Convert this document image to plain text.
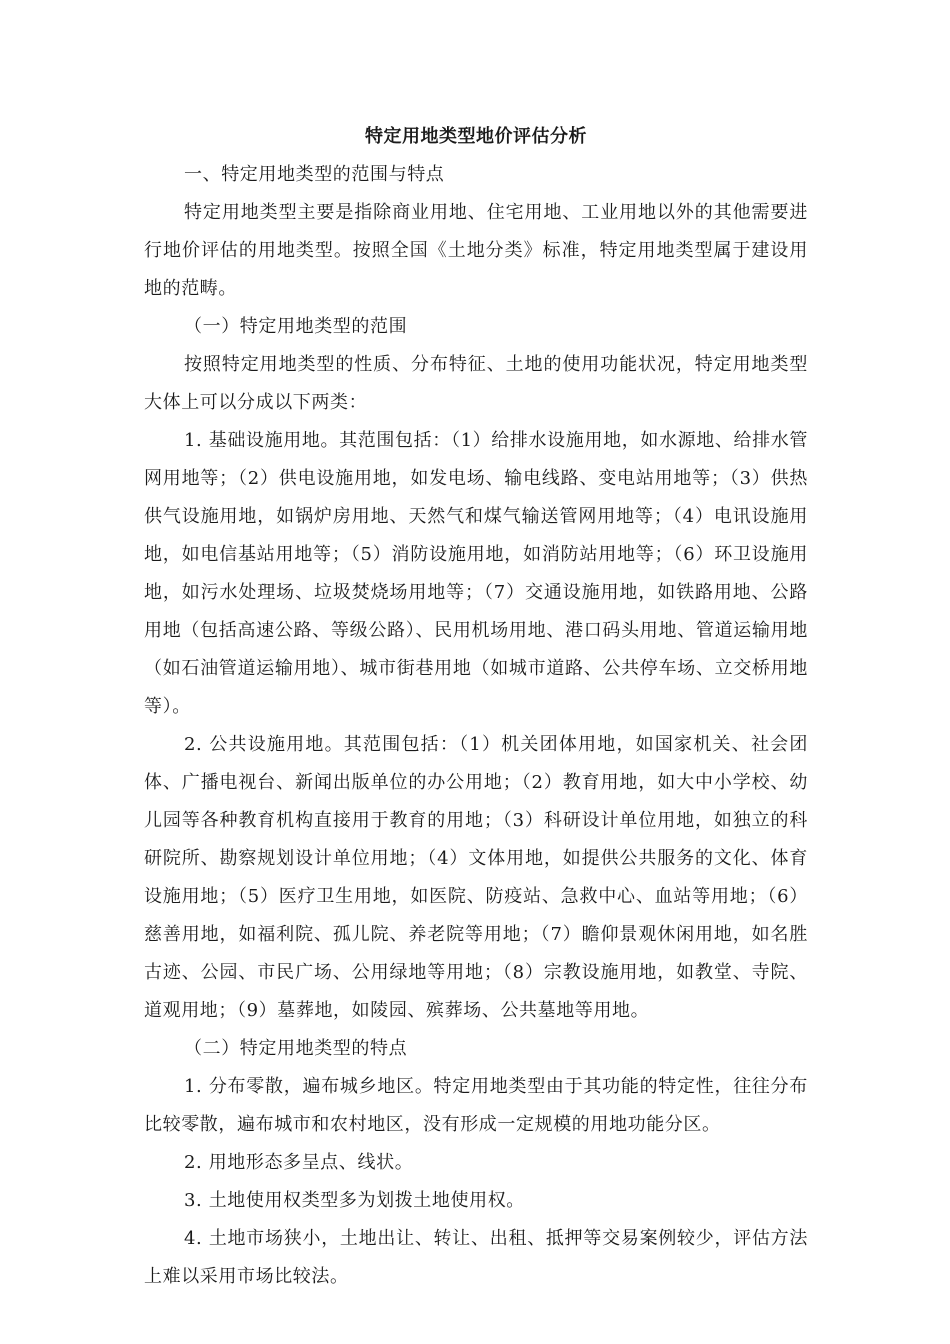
特定用地类型地价评估分析

一、特定用地类型的范围与特点

特定用地类型主要是指除商业用地、住宅用地、工业用地以外的其他需要进行地价评估的用地类型。按照全国《土地分类》标准，特定用地类型属于建设用地的范畴。

（一）特定用地类型的范围

按照特定用地类型的性质、分布特征、土地的使用功能状况，特定用地类型大体上可以分成以下两类：

1. 基础设施用地。其范围包括：（1）给排水设施用地，如水源地、给排水管网用地等；（2）供电设施用地，如发电场、输电线路、变电站用地等；（3）供热供气设施用地，如锅炉房用地、天然气和煤气输送管网用地等；（4）电讯设施用地，如电信基站用地等；（5）消防设施用地，如消防站用地等；（6）环卫设施用地，如污水处理场、垃圾焚烧场用地等；（7）交通设施用地，如铁路用地、公路用地（包括高速公路、等级公路）、民用机场用地、港口码头用地、管道运输用地（如石油管道运输用地）、城市街巷用地（如城市道路、公共停车场、立交桥用地等）。

2. 公共设施用地。其范围包括：（1）机关团体用地，如国家机关、社会团体、广播电视台、新闻出版单位的办公用地；（2）教育用地，如大中小学校、幼儿园等各种教育机构直接用于教育的用地；（3）科研设计单位用地，如独立的科研院所、勘察规划设计单位用地；（4）文体用地，如提供公共服务的文化、体育设施用地；（5）医疗卫生用地，如医院、防疫站、急救中心、血站等用地；（6）慈善用地，如福利院、孤儿院、养老院等用地；（7）瞻仰景观休闲用地，如名胜古迹、公园、市民广场、公用绿地等用地；（8）宗教设施用地，如教堂、寺院、道观用地；（9）墓葬地，如陵园、殡葬场、公共墓地等用地。

（二）特定用地类型的特点

1. 分布零散，遍布城乡地区。特定用地类型由于其功能的特定性，往往分布比较零散，遍布城市和农村地区，没有形成一定规模的用地功能分区。

2. 用地形态多呈点、线状。

3. 土地使用权类型多为划拨土地使用权。

4. 土地市场狭小，土地出让、转让、出租、抵押等交易案例较少，评估方法上难以采用市场比较法。
